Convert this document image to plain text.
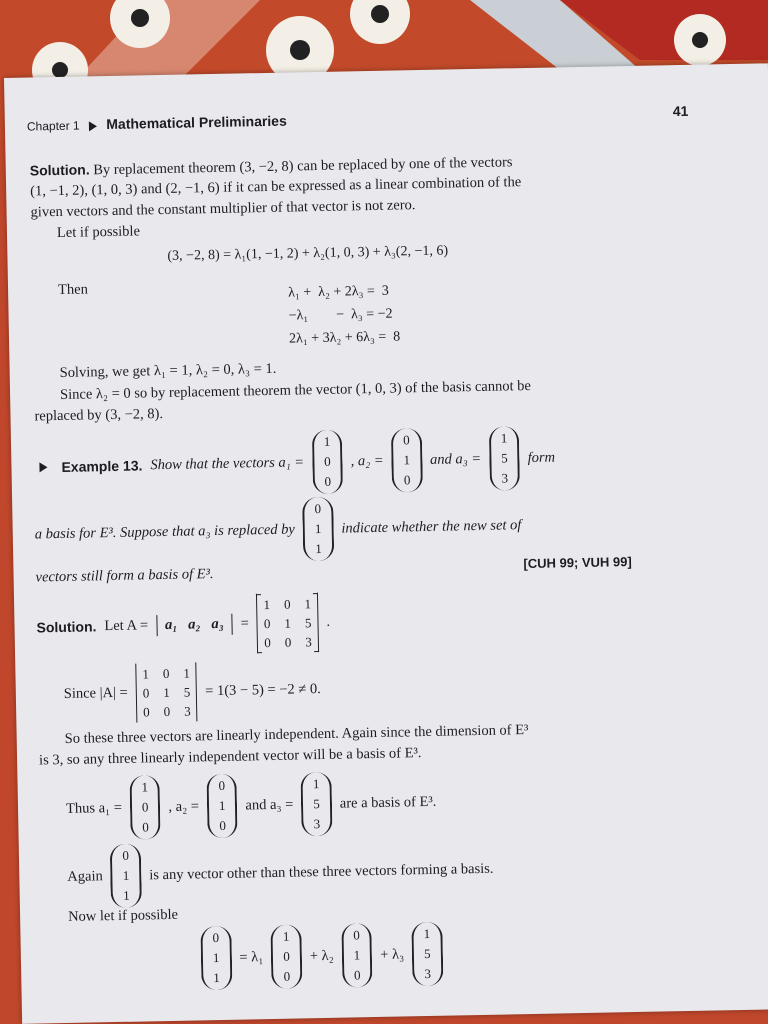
Chapter 1 Mathematical Preliminaries
41
Solution. By replacement theorem (3, −2, 8) can be replaced by one of the vectors
(1, −1, 2), (1, 0, 3) and (2, −1, 6) if it can be expressed as a linear combination of the
given vectors and the constant multiplier of that vector is not zero.
Let if possible
(3, −2, 8) = λ₁(1, −1, 2) + λ₂(1, 0, 3) + λ₃(2, −1, 6)
Then	λ₁ +  λ₂ + 2λ₃ =  3
−λ₁        −  λ₃ = −2
2λ₁ + 3λ₂ + 6λ₃ =  8
Solving, we get λ₁ = 1, λ₂ = 0, λ₃ = 1.
Since λ₂ = 0 so by replacement theorem the vector (1, 0, 3) of the basis cannot be
replaced by (3, −2, 8).
Example 13. Show that the vectors a₁ =
1
0
0
, a₂ =
0
1
0
and a₃ =
1
5
3
form
a basis for E³. Suppose that a₃ is replaced by
0
1
1
indicate whether the new set of
vectors still form a basis of E³.
[CUH 99; VUH 99]
Solution. Let A =	a₁   a₂   a₃	=
1 0 1
0 1 5
0 0 3
.
Since |A| =
1 0 1
0 1 5
0 0 3
= 1(3 − 5) = −2 ≠ 0.
So these three vectors are linearly independent. Again since the dimension of E³
is 3, so any three linearly independent vector will be a basis of E³.
Thus a₁ =
1
0
0
, a₂ =
0
1
0
and a₃ =
1
5
3
are a basis of E³.
Again
0
1
1
is any vector other than these three vectors forming a basis.
Now let if possible
0
1
1
= λ₁
1
0
0
+ λ₂
0
1
0
+ λ₃
1
5
3
